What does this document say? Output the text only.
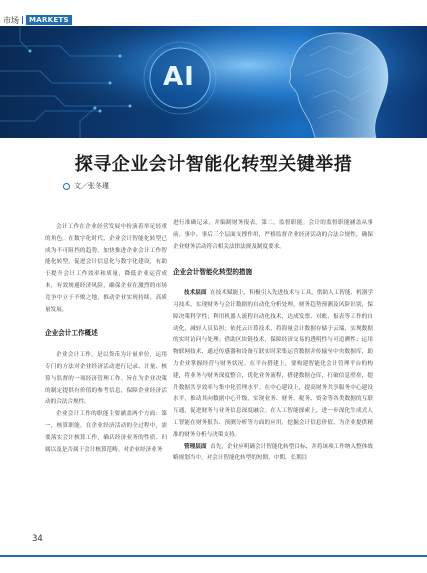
市场	MARKETS
AI
探寻企业会计智能化转型关键举措
文／张冬瑾

会计工作在企业经营发展中扮演着举足轻重的角色。在数字化时代，企业会计智能化转型已成为不可阻挡的趋势。加快推进企业会计工作智能化转型，促进会计信息化与数字化建设，有助于提升会计工作效率和质量，降低企业运营成本，有效规避经济风险，确保企业在激烈的市场竞争中立于不败之地，推动企业实现持续、高质量发展。

企业会计工作概述

企业会计工作，是以货币为计量单位，运用专门的方法对企业经济活动进行记录、计量、核算与监督的一项经济管理工作。旨在为企业决策的制定提供有价值的参考信息，保障企业经济活动的合法合规性。

企业会计工作的职能主要涵盖两个方面：第一，核算职能。在企业经济活动的全过程中，需要落实会计核算工作，确认经济业务的性质、归属以及是否属于会计核算范畴。对企业经济业务

进行准确记录，并编制财务报表。第二，监督职能。会计的监督职能涵盖从事前、事中、事后三个层面支撑作用，严格监督企业经济活动的合法合规性，确保企业财务活动符合相关法律法规及制度要求。

企业会计智能化转型的措施

技术层面 在技术赋能上，积极引入先进技术与工具。借助人工智能、机器学习技术，实现财务与会计数据的自动化分析处理，财务趋势预测及风险识别，保障决策科学性；利用机器人流程自动化技术，达成发票、对账、报表等工作的自动化，减轻人员负担；依托云计算技术，将海量会计数据存储于云端，实现数据的实时访问与处理；借助区块链技术，保障经济交易的透明性与可追溯性；运用物联网技术，通过传感器和设备互联实时采集运营数据并传输至中央数据库，助力企业掌握经营与财务状况。在平台搭建上，要构建智能化会计管理平台的构建，将业务与财务深度整合，优化业务流程，搭建数据仓库，打破信息壁垒，提升数据共享效率与集中化管理水平。在中心建设上，提高财务共享服务中心建设水平，推动其向数据中心升级，实现业务、财务、税务、资金等各类数据的互联互通，促进财务与业务信息深度融合。在人工智能探索上，进一步深化生成式人工智能在财务报告、预测分析等方面的应用，挖掘会计信息价值，为企业提供精准的财务分析与决策支持。

管理层面 首先，企业应明确会计智能化转型目标，并将该项工作纳入整体战略规划当中，对会计智能化转型的短期、中期、长期目

34
